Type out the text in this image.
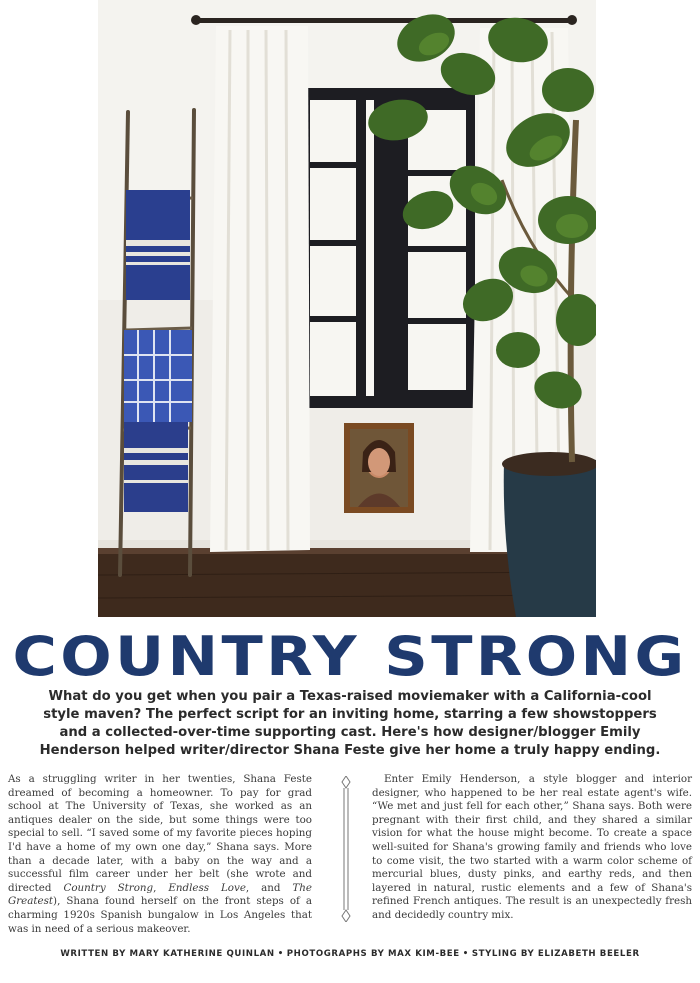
COUNTRY STRONG
What do you get when you pair a Texas-raised moviemaker with a California-cool style maven? The perfect script for an inviting home, starring a few showstoppers and a collected-over-time supporting cast. Here's how designer/blogger Emily Henderson helped writer/director Shana Feste give her home a truly happy ending.

As a struggling writer in her twenties, Shana Feste dreamed of becoming a homeowner. To pay for grad school at The University of Texas, she worked as an antiques dealer on the side, but some things were too special to sell. “I saved some of my favorite pieces hoping I'd have a home of my own one day,” Shana says. More than a decade later, with a baby on the way and a successful film career under her belt (she wrote and directed Country Strong, Endless Love, and The Greatest), Shana found herself on the front steps of a charming 1920s Spanish bungalow in Los Angeles that was in need of a serious makeover.

Enter Emily Henderson, a style blogger and interior designer, who happened to be her real estate agent's wife. “We met and just fell for each other,” Shana says. Both were pregnant with their first child, and they shared a similar vision for what the house might become. To create a space well-suited for Shana's growing family and friends who love to come visit, the two started with a warm color scheme of mercurial blues, dusty pinks, and earthy reds, and then layered in natural, rustic elements and a few of Shana's refined French antiques. The result is an unexpectedly fresh and decidedly country mix.

WRITTEN BY MARY KATHERINE QUINLAN • PHOTOGRAPHS BY MAX KIM-BEE • STYLING BY ELIZABETH BEELER
